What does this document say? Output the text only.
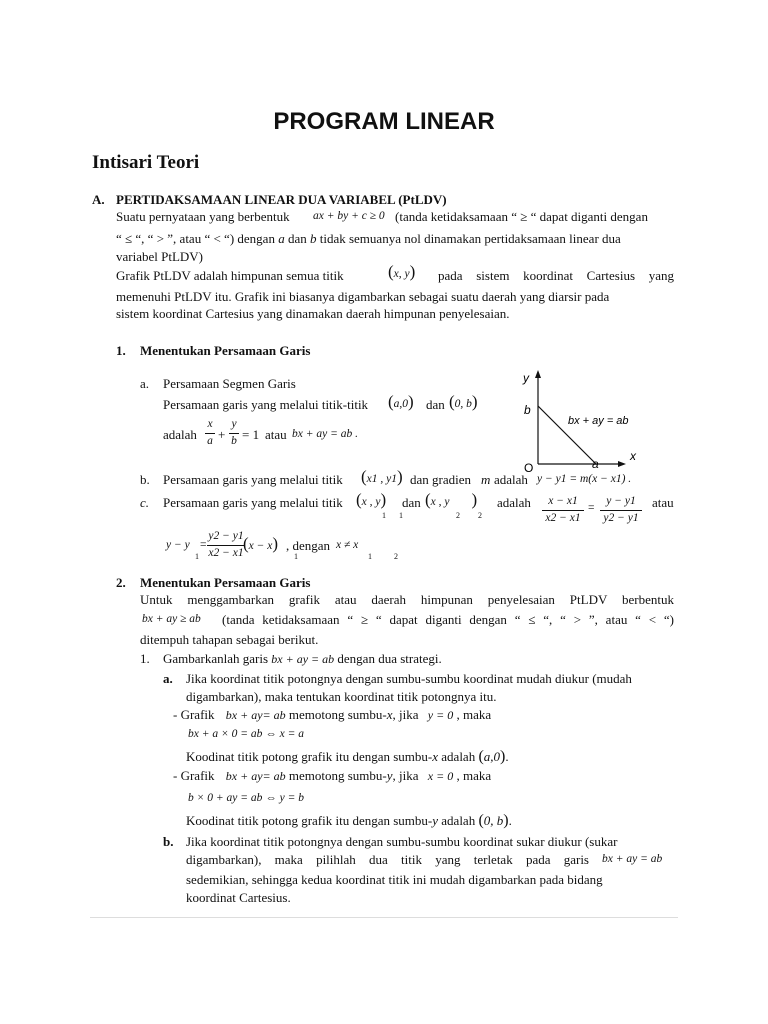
PROGRAM LINEAR
Intisari Teori
A. PERTIDAKSAMAAN LINEAR DUA VARIABEL (PtLDV)
Suatu pernyataan yang berbentuk ax + by + c ≥ 0 (tanda ketidaksamaan “ ≥ “ dapat diganti dengan
“ ≤ “, “ > ”, atau “ < “) dengan a dan b tidak semuanya nol dinamakan pertidaksamaan linear dua
variabel PtLDV)
Grafik PtLDV adalah himpunan semua titik	(x, y) pada sistem koordinat Cartesius yang
memenuhi PtLDV itu. Grafik ini biasanya digambarkan sebagai suatu daerah yang diarsir pada
sistem koordinat Cartesius yang dinamakan daerah himpunan penyelesaian.
1. Menentukan Persamaan Garis
a. Persamaan Segmen Garis
Persamaan garis yang melalui titik-titik (a,0) dan (0, b)
adalah
x
a +
y
b = 1 atau bx + ay = ab .
y
x
b
a
O
bx + ay = ab
b. Persamaan garis yang melalui titik (x1 , y1) dan gradien m adalah y − y1 = m(x − x1) .
c. Persamaan garis yang melalui titik (x , y) dan (x , y )
1 1	2 2
adalah	x − x1
x2 − x1
=
y − y1
y2 − y1
atau
y − y
1
=
y2 − y1
x2 − x1 (x − x)
1
, dengan x ≠ x
1	2
2. Menentukan Persamaan Garis
Untuk menggambarkan grafik atau daerah himpunan penyelesaian PtLDV berbentuk
bx + ay ≥ ab (tanda ketidaksamaan “ ≥ “ dapat diganti dengan “ ≤ “, “ > ”, atau “ < “)
ditempuh tahapan sebagai berikut.
1. Gambarkanlah garis bx + ay = ab dengan dua strategi.
a. Jika koordinat titik potongnya dengan sumbu-sumbu koordinat mudah diukur (mudah
digambarkan), maka tentukan koordinat titik potongnya itu.
- Grafik bx + ay= ab memotong sumbu-x, jika y = 0 , maka
bx + a × 0 = ab ⇔ x = a
Koodinat titik potong grafik itu dengan sumbu-x adalah (a,0).
- Grafik bx + ay= ab memotong sumbu-y, jika x = 0 , maka
b × 0 + ay = ab ⇔ y = b
Koodinat titik potong grafik itu dengan sumbu-y adalah (0, b).
b. Jika koordinat titik potongnya dengan sumbu-sumbu koordinat sukar diukur (sukar
digambarkan), maka pilihlah dua titik yang terletak pada garis bx + ay = ab
sedemikian, sehingga kedua koordinat titik ini mudah digambarkan pada bidang
koordinat Cartesius.
